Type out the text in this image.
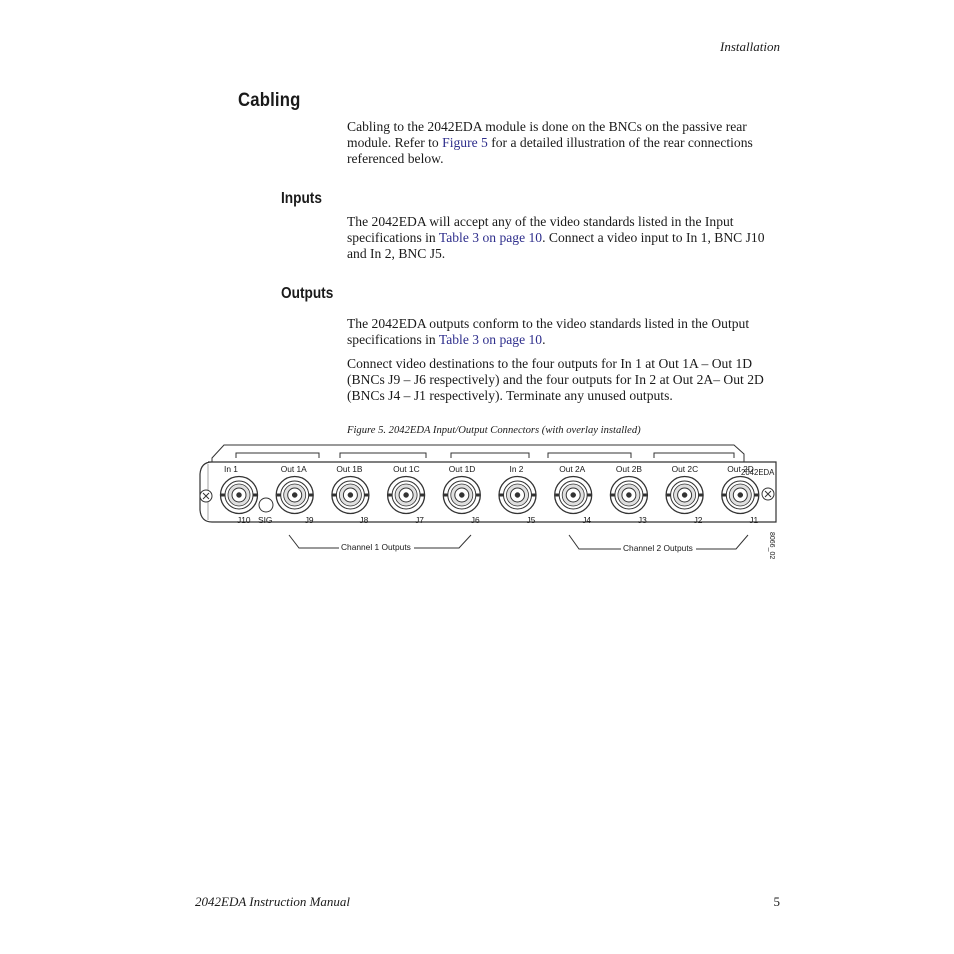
Installation
Cabling
Cabling to the 2042EDA module is done on the BNCs on the passive rear module. Refer to Figure 5 for a detailed illustration of the rear connections referenced below.
Inputs
The 2042EDA will accept any of the video standards listed in the Input specifications in Table 3 on page 10. Connect a video input to In 1, BNC J10 and In 2, BNC J5.
Outputs
The 2042EDA outputs conform to the video standards listed in the Output specifications in Table 3 on page 10.
Connect video destinations to the four outputs for In 1 at Out 1A – Out 1D (BNCs J9 – J6 respectively) and the four outputs for In 2 at Out 2A– Out 2D (BNCs J4 – J1 respectively). Terminate any unused outputs.
Figure 5. 2042EDA Input/Output Connectors (with overlay installed)
SIG
2042EDA
8066_02
In 1
J10
Out 1A
J9
Out 1B
J8
Out 1C
J7
Out 1D
J6
In 2
J5
Out 2A
J4
Out 2B
J3
Out 2C
J2
Out 2D
J1
Channel 1 Outputs	Channel 2 Outputs
2042EDA Instruction Manual	5
